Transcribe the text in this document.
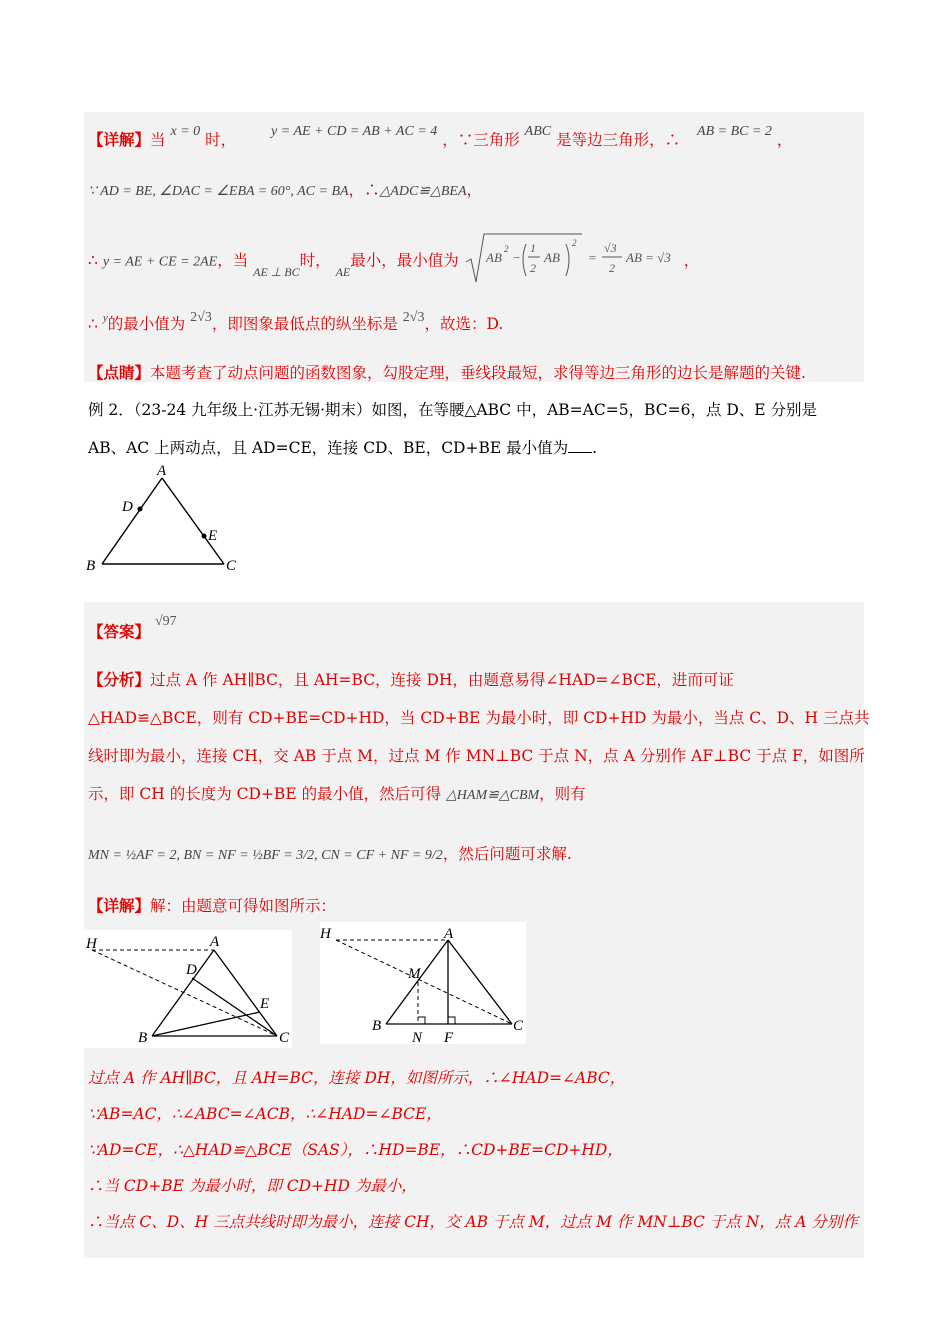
【详解】当 x = 0 时， y = AE + CD = AB + AC = 4 ，∵三角形 ABC 是等边三角形，∴ AB = BC = 2 ，
∵ AD = BE, ∠DAC = ∠EBA = 60°, AC = BA，∴△ADC≌△BEA，
∴ y = AE + CE = 2AE，当 $_{AE \perp BC}$时， $_{AE}$最小，最小值为 AB
2
−
1
2
AB
2
=
√3
2
AB = √3 ，
∴ $^y$的最小值为 2√3，即图象最低点的纵坐标是 2√3，故选：D.
【点睛】本题考查了动点问题的函数图象，勾股定理，垂线段最短，求得等边三角形的边长是解题的关键.
例 2．（23-24 九年级上·江苏无锡·期末）如图，在等腰△ABC 中，AB=AC=5，BC=6，点 D、E 分别是
AB、AC 上两动点，且 AD=CE，连接 CD、BE，CD+BE 最小值为 .
A
D
E
B	C
【答案】 √97
【分析】过点 A 作 AH∥BC，且 AH=BC，连接 DH，由题意易得∠HAD=∠BCE，进而可证
△HAD≌△BCE，则有 CD+BE=CD+HD，当 CD+BE 为最小时，即 CD+HD 为最小，当点 C、D、H 三点共
线时即为最小，连接 CH，交 AB 于点 M，过点 M 作 MN⊥BC 于点 N，点 A 分别作 AF⊥BC 于点 F，如图所
示，即 CH 的长度为 CD+BE 的最小值，然后可得 △HAM≌△CBM，则有
MN = ½AF = 2, BN = NF = ½BF = 3/2, CN = CF + NF = 9/2，然后问题可求解.
【详解】解：由题意可得如图所示：
H	A
D
E
B	C
H	A
M
B
N F
C
过点 A 作 AH∥BC，且 AH=BC，连接 DH，如图所示，∴∠HAD=∠ABC，
∵AB=AC，∴∠ABC=∠ACB，∴∠HAD=∠BCE，
∵AD=CE，∴△HAD≌△BCE（SAS），∴HD=BE，∴CD+BE=CD+HD，
∴当 CD+BE 为最小时，即 CD+HD 为最小，
∴当点 C、D、H 三点共线时即为最小，连接 CH，交 AB 于点 M，过点 M 作 MN⊥BC 于点 N，点 A 分别作
